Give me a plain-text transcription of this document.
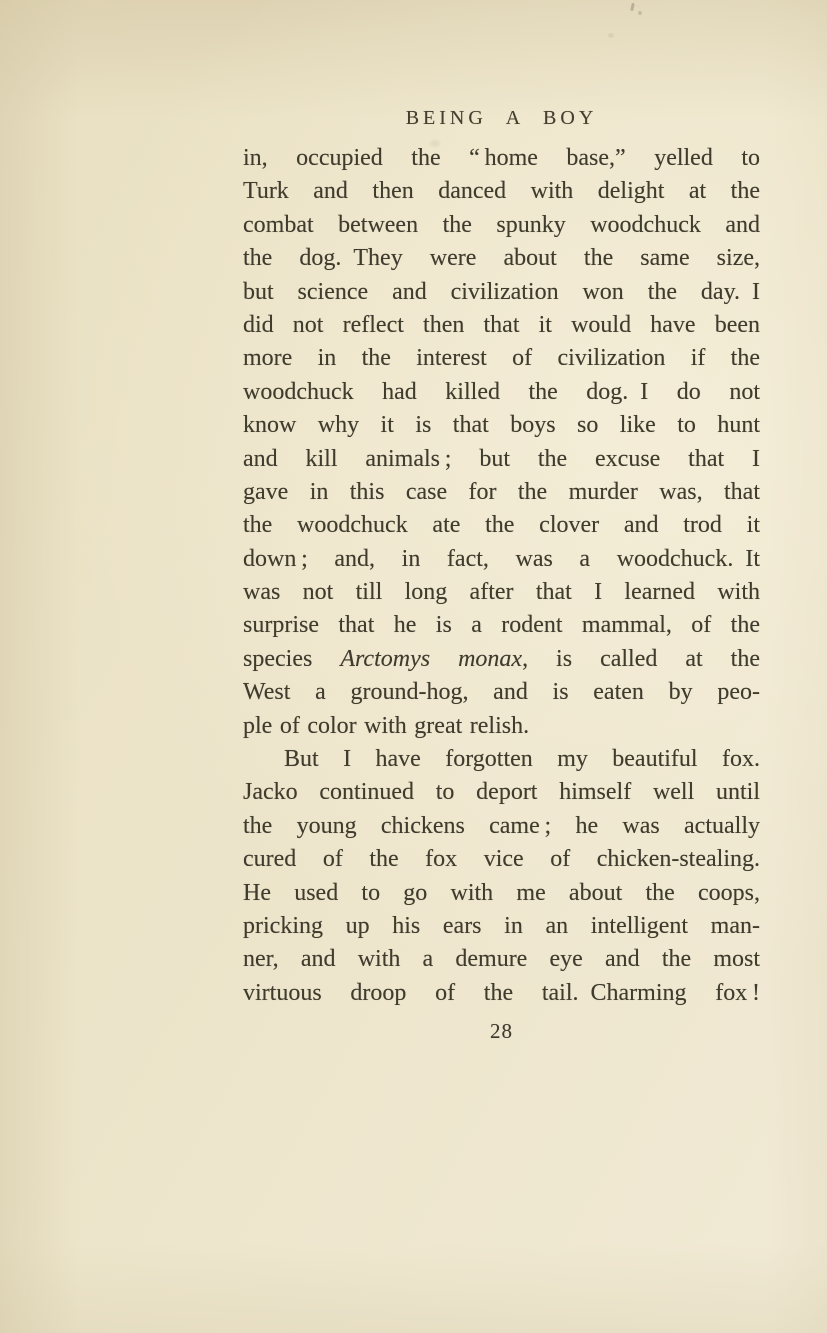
BEING A BOY
in, occupied the “ home base,” yelled to
Turk and then danced with delight at the
combat between the spunky woodchuck and
the dog. They were about the same size,
but science and civilization won the day. I
did not reflect then that it would have been
more in the interest of civilization if the
woodchuck had killed the dog. I do not
know why it is that boys so like to hunt
and kill animals ; but the excuse that I
gave in this case for the murder was, that
the woodchuck ate the clover and trod it
down ; and, in fact, was a woodchuck. It
was not till long after that I learned with
surprise that he is a rodent mammal, of the
species Arctomys monax, is called at the
West a ground-hog, and is eaten by peo-
ple of color with great relish.
But I have forgotten my beautiful fox.
Jacko continued to deport himself well until
the young chickens came ; he was actually
cured of the fox vice of chicken-stealing.
He used to go with me about the coops,
pricking up his ears in an intelligent man-
ner, and with a demure eye and the most
virtuous droop of the tail. Charming fox !
28
